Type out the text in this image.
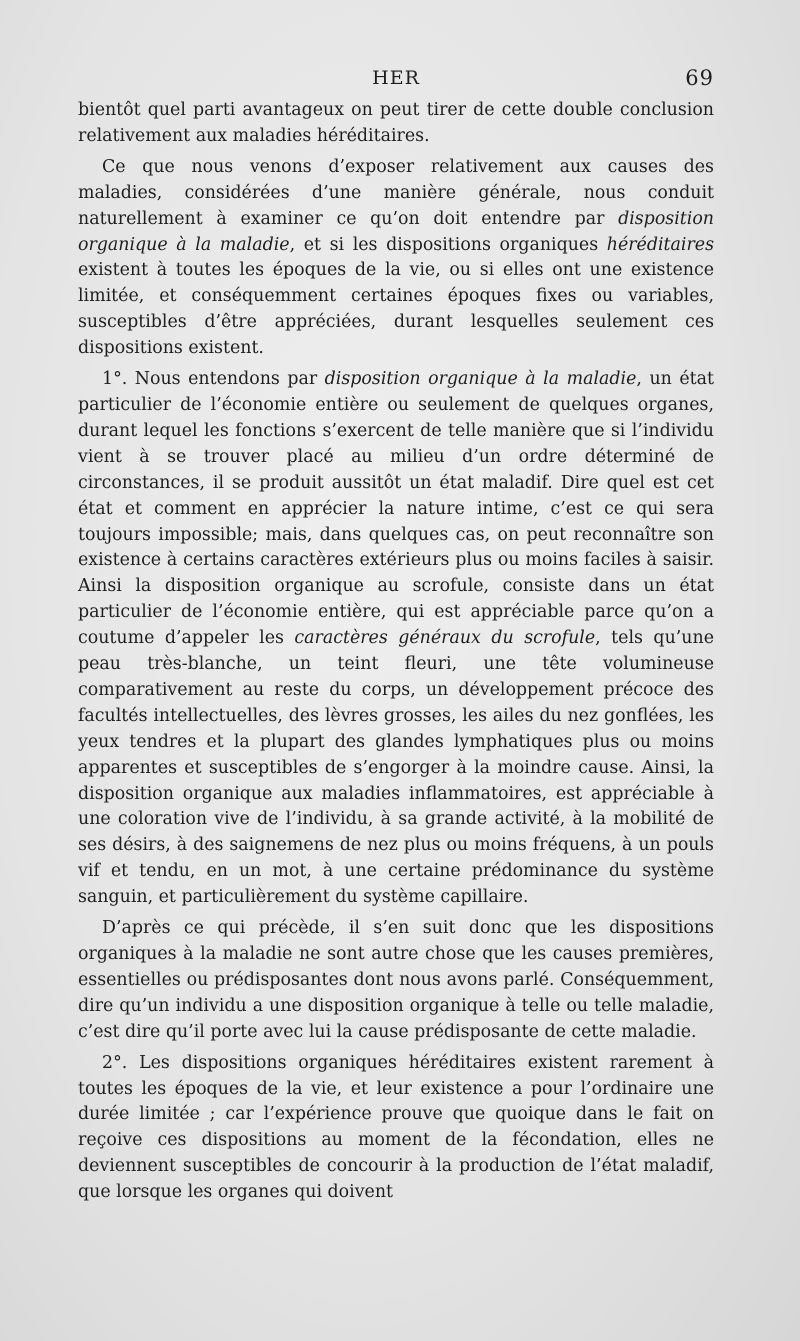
HER	69

bientôt quel parti avantageux on peut tirer de cette double conclusion relativement aux maladies héréditaires.

Ce que nous venons d’exposer relativement aux causes des maladies, considérées d’une manière générale, nous conduit naturellement à examiner ce qu’on doit entendre par disposition organique à la maladie, et si les dispositions organiques héréditaires existent à toutes les époques de la vie, ou si elles ont une existence limitée, et conséquemment certaines époques fixes ou variables, susceptibles d’être appréciées, durant lesquelles seulement ces dispositions existent.

1°. Nous entendons par disposition organique à la maladie, un état particulier de l’économie entière ou seulement de quelques organes, durant lequel les fonctions s’exercent de telle manière que si l’individu vient à se trouver placé au milieu d’un ordre déterminé de circonstances, il se produit aussitôt un état maladif. Dire quel est cet état et comment en apprécier la nature intime, c’est ce qui sera toujours impossible; mais, dans quelques cas, on peut reconnaître son existence à certains caractères extérieurs plus ou moins faciles à saisir. Ainsi la disposition organique au scrofule, consiste dans un état particulier de l’économie entière, qui est appréciable parce qu’on a coutume d’appeler les caractères généraux du scrofule, tels qu’une peau très-blanche, un teint fleuri, une tête volumineuse comparativement au reste du corps, un développement précoce des facultés intellectuelles, des lèvres grosses, les ailes du nez gonflées, les yeux tendres et la plupart des glandes lymphatiques plus ou moins apparentes et susceptibles de s’engorger à la moindre cause. Ainsi, la disposition organique aux maladies inflammatoires, est appréciable à une coloration vive de l’individu, à sa grande activité, à la mobilité de ses désirs, à des saignemens de nez plus ou moins fréquens, à un pouls vif et tendu, en un mot, à une certaine prédominance du système sanguin, et particulièrement du système capillaire.

D’après ce qui précède, il s’en suit donc que les dispositions organiques à la maladie ne sont autre chose que les causes premières, essentielles ou prédisposantes dont nous avons parlé. Conséquemment, dire qu’un individu a une disposition organique à telle ou telle maladie, c’est dire qu’il porte avec lui la cause prédisposante de cette maladie.

2°. Les dispositions organiques héréditaires existent rarement à toutes les époques de la vie, et leur existence a pour l’ordinaire une durée limitée ; car l’expérience prouve que quoique dans le fait on reçoive ces dispositions au moment de la fécondation, elles ne deviennent susceptibles de concourir à la production de l’état maladif, que lorsque les organes qui doivent
